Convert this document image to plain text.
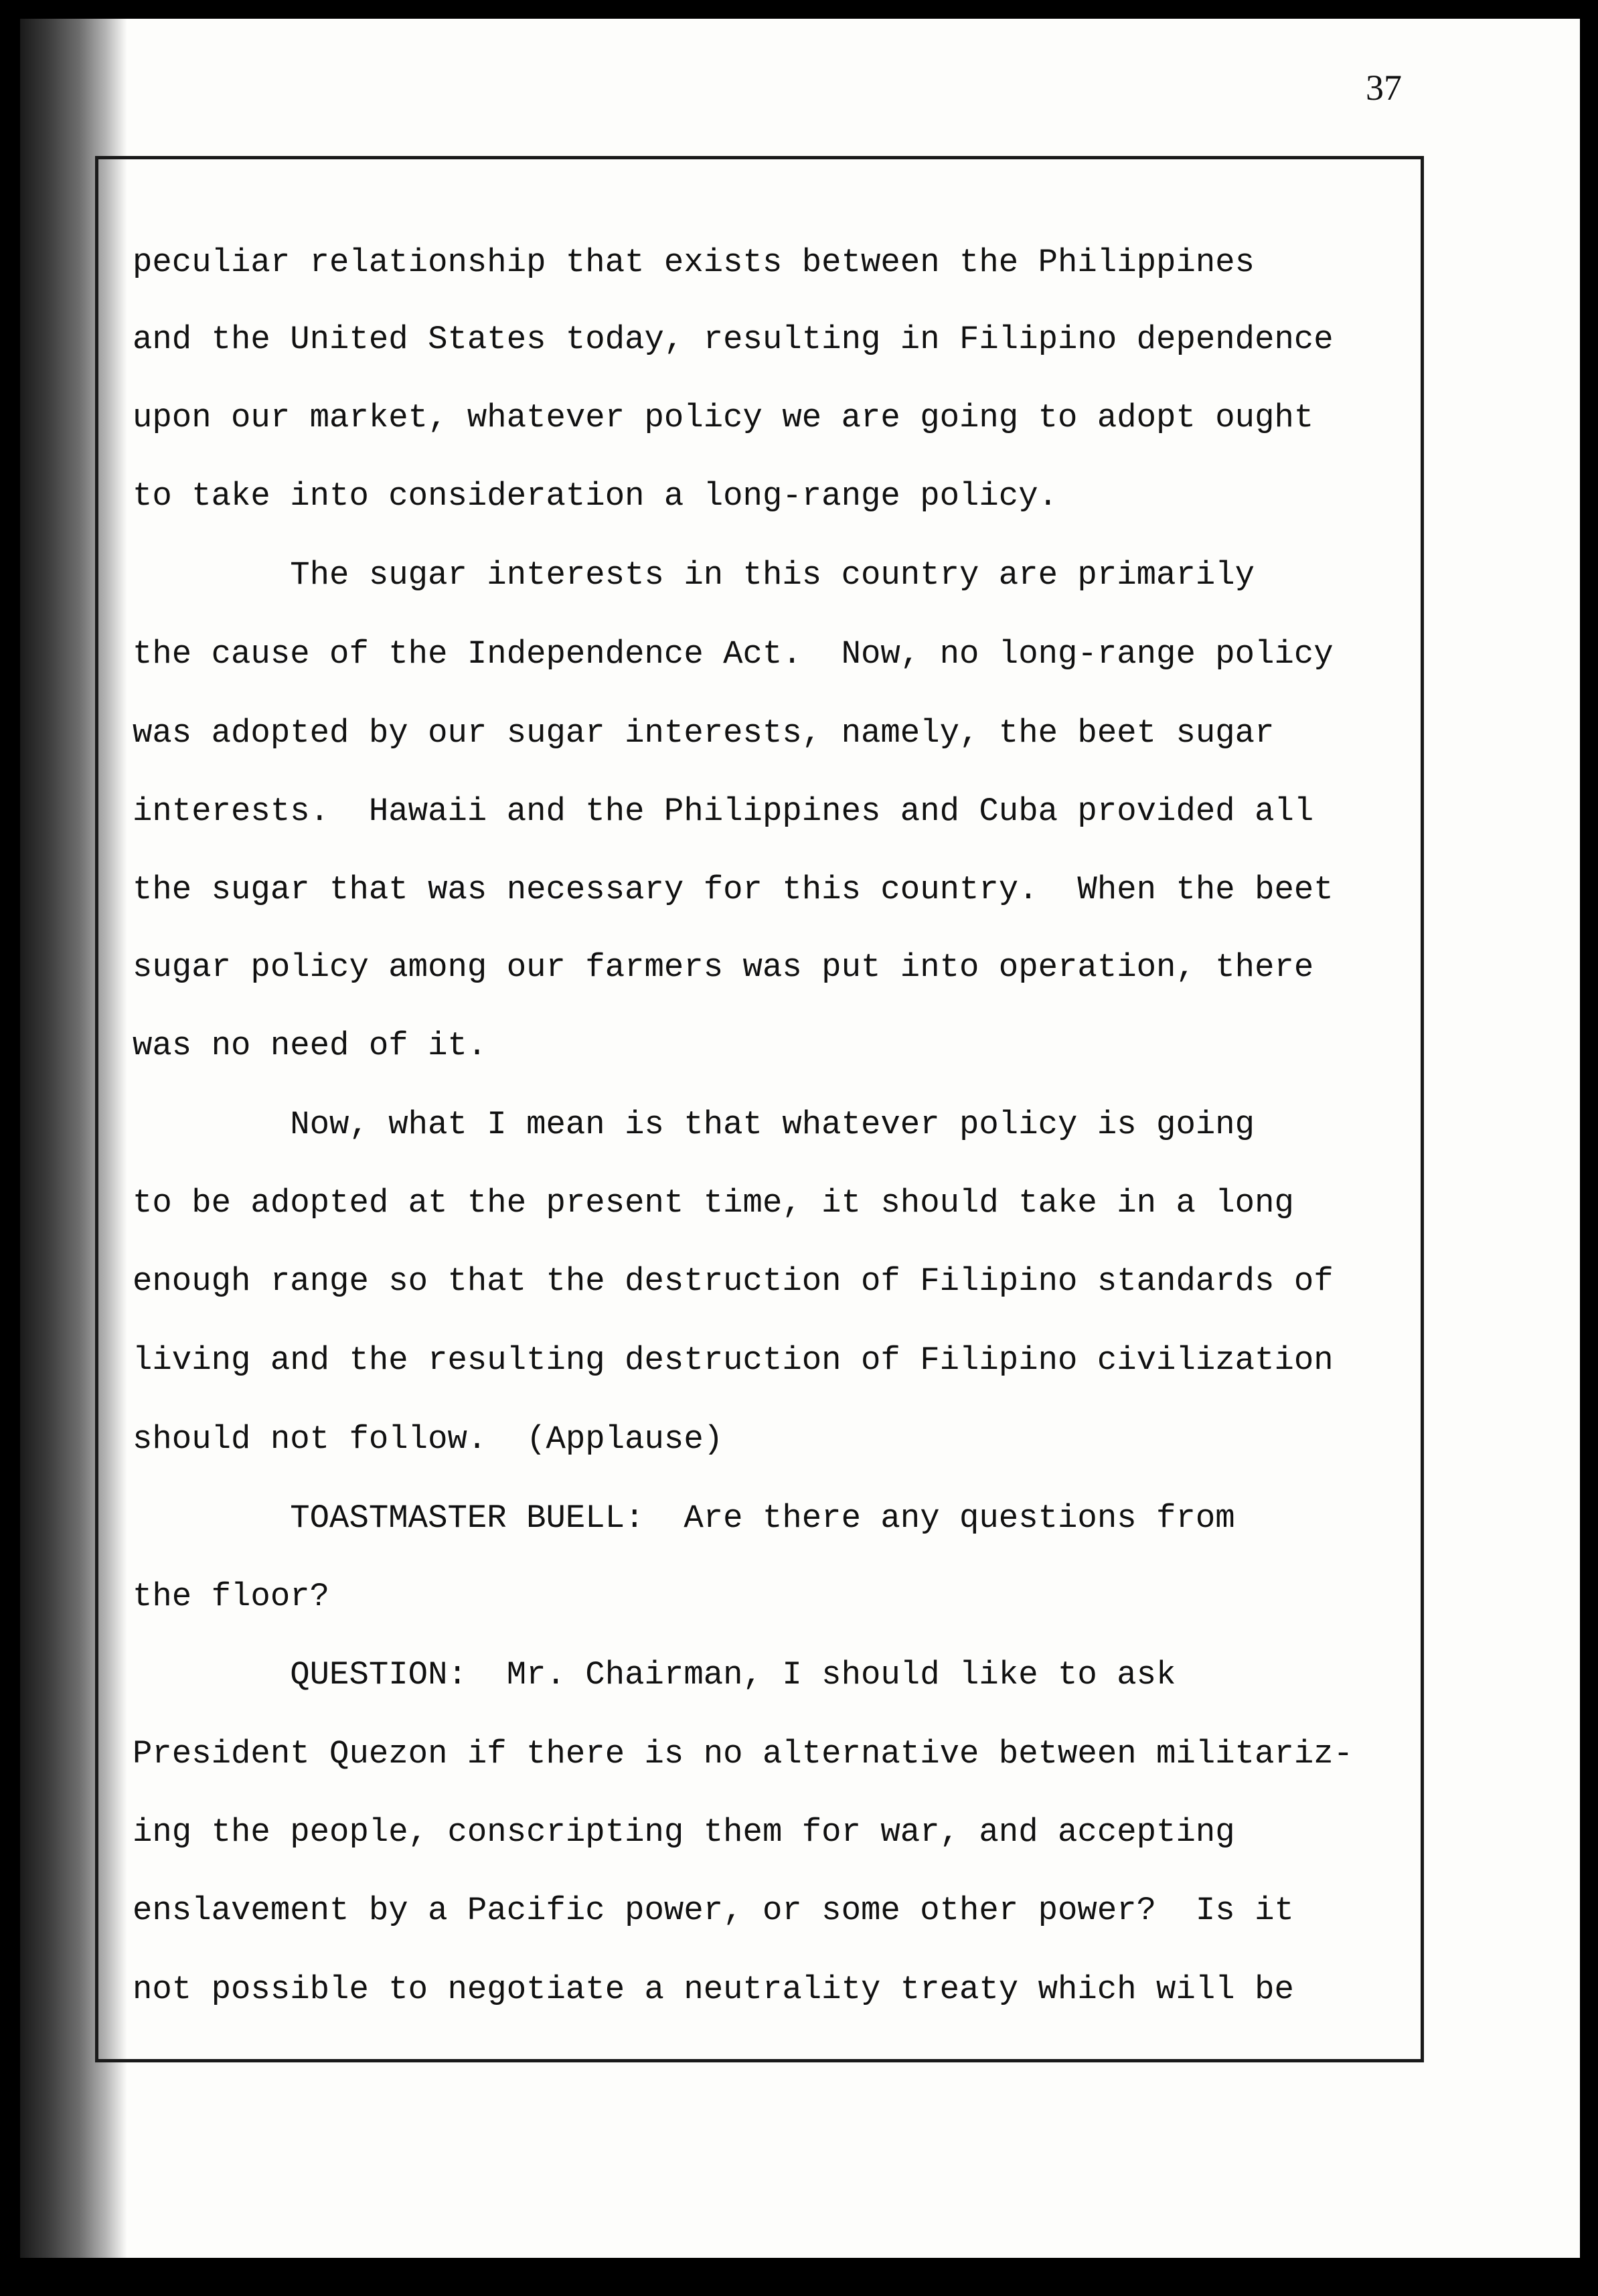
37
peculiar relationship that exists between the Philippines
and the United States today, resulting in Filipino dependence
upon our market, whatever policy we are going to adopt ought
to take into consideration a long-range policy.
The sugar interests in this country are primarily
the cause of the Independence Act.  Now, no long-range policy
was adopted by our sugar interests, namely, the beet sugar
interests.  Hawaii and the Philippines and Cuba provided all
the sugar that was necessary for this country.  When the beet
sugar policy among our farmers was put into operation, there
was no need of it.
Now, what I mean is that whatever policy is going
to be adopted at the present time, it should take in a long
enough range so that the destruction of Filipino standards of
living and the resulting destruction of Filipino civilization
should not follow.  (Applause)
TOASTMASTER BUELL:  Are there any questions from
the floor?
QUESTION:  Mr. Chairman, I should like to ask
President Quezon if there is no alternative between militariz-
ing the people, conscripting them for war, and accepting
enslavement by a Pacific power, or some other power?  Is it
not possible to negotiate a neutrality treaty which will be
